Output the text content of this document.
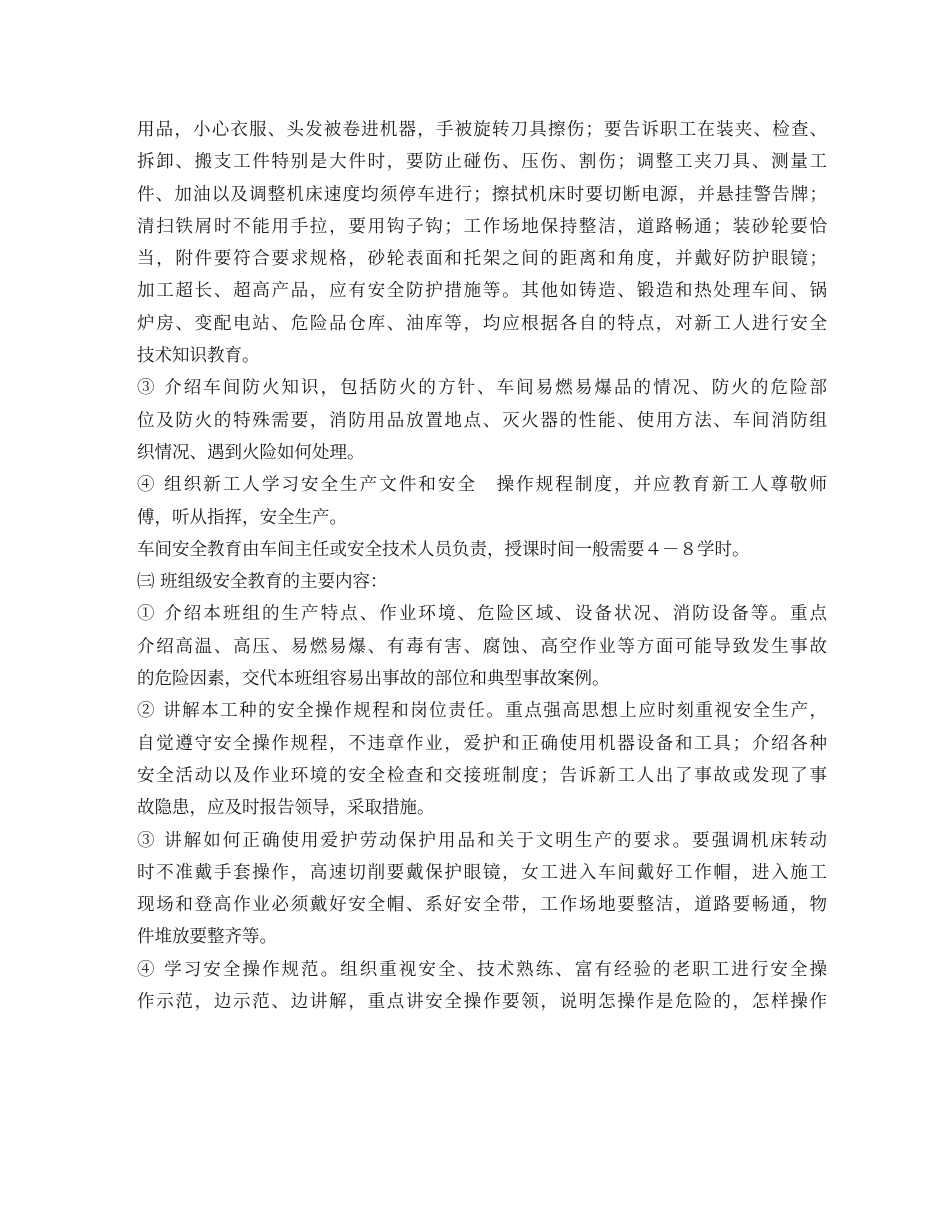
用品，小心衣服、头发被卷进机器，手被旋转刀具擦伤；要告诉职工在装夹、检查、
拆卸、搬支工件特别是大件时，要防止碰伤、压伤、割伤；调整工夹刀具、测量工
件、加油以及调整机床速度均须停车进行；擦拭机床时要切断电源，并悬挂警告牌；
清扫铁屑时不能用手拉，要用钩子钩；工作场地保持整洁，道路畅通；装砂轮要恰
当，附件要符合要求规格，砂轮表面和托架之间的距离和角度，并戴好防护眼镜；
加工超长、超高产品，应有安全防护措施等。其他如铸造、锻造和热处理车间、锅
炉房、变配电站、危险品仓库、油库等，均应根据各自的特点，对新工人进行安全
技术知识教育。
③ 介绍车间防火知识，包括防火的方针、车间易燃易爆品的情况、防火的危险部
位及防火的特殊需要，消防用品放置地点、灭火器的性能、使用方法、车间消防组
织情况、遇到火险如何处理。
④ 组织新工人学习安全生产文件和安全　操作规程制度，并应教育新工人尊敬师
傅，听从指挥，安全生产。
车间安全教育由车间主任或安全技术人员负责，授课时间一般需要４－８学时。
㈢ 班组级安全教育的主要内容：
① 介绍本班组的生产特点、作业环境、危险区域、设备状况、消防设备等。重点
介绍高温、高压、易燃易爆、有毒有害、腐蚀、高空作业等方面可能导致发生事故
的危险因素，交代本班组容易出事故的部位和典型事故案例。
② 讲解本工种的安全操作规程和岗位责任。重点强高思想上应时刻重视安全生产，
自觉遵守安全操作规程，不违章作业，爱护和正确使用机器设备和工具；介绍各种
安全活动以及作业环境的安全检查和交接班制度；告诉新工人出了事故或发现了事
故隐患，应及时报告领导，采取措施。
③ 讲解如何正确使用爱护劳动保护用品和关于文明生产的要求。要强调机床转动
时不准戴手套操作，高速切削要戴保护眼镜，女工进入车间戴好工作帽，进入施工
现场和登高作业必须戴好安全帽、系好安全带，工作场地要整洁，道路要畅通，物
件堆放要整齐等。
④ 学习安全操作规范。组织重视安全、技术熟练、富有经验的老职工进行安全操
作示范，边示范、边讲解，重点讲安全操作要领，说明怎操作是危险的，怎样操作
